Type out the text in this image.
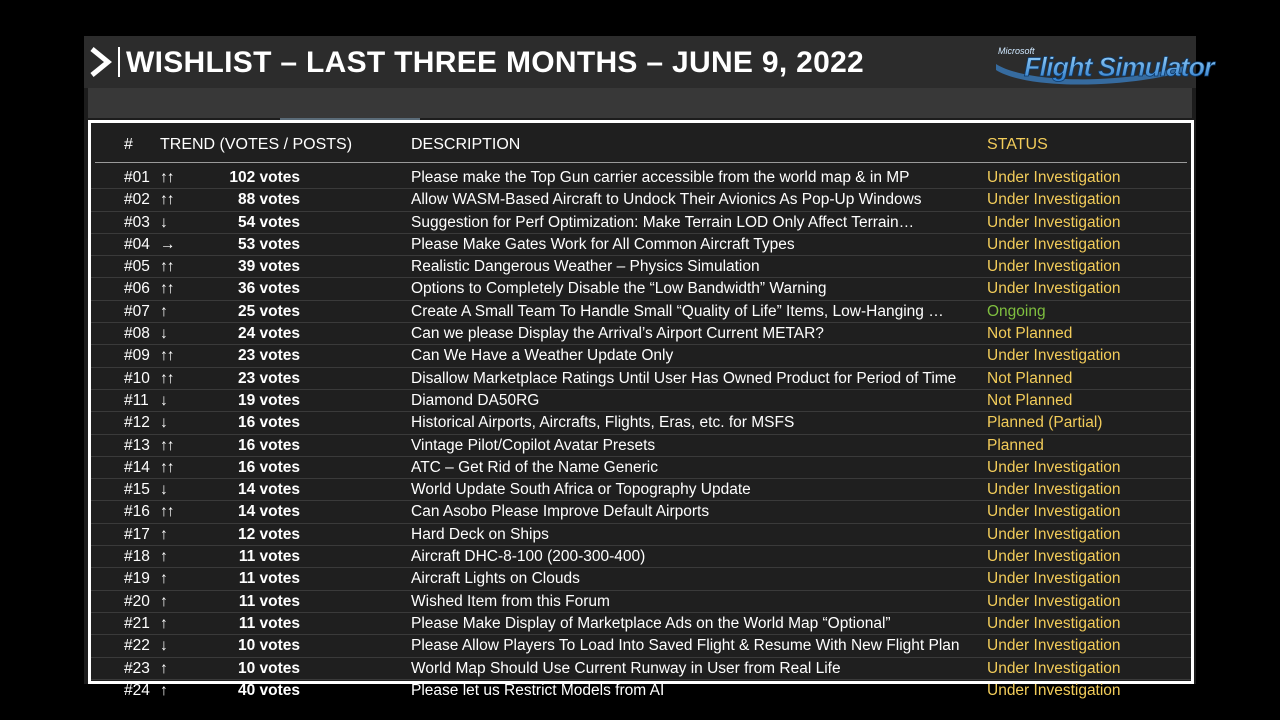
WISHLIST – LAST THREE MONTHS – JUNE 9, 2022	Microsoft
Flight Simulator
# TREND (VOTES / POSTS)	DESCRIPTION	STATUS
#01 ↑↑	102 votes	Please make the Top Gun carrier accessible from the world map & in MP	Under Investigation
#02 ↑↑	88 votes	Allow WASM-Based Aircraft to Undock Their Avionics As Pop-Up Windows	Under Investigation
#03 ↓	54 votes	Suggestion for Perf Optimization: Make Terrain LOD Only Affect Terrain…	Under Investigation
#04 →	53 votes	Please Make Gates Work for All Common Aircraft Types	Under Investigation
#05 ↑↑	39 votes	Realistic Dangerous Weather – Physics Simulation	Under Investigation
#06 ↑↑	36 votes	Options to Completely Disable the “Low Bandwidth” Warning	Under Investigation
#07 ↑	25 votes	Create A Small Team To Handle Small “Quality of Life” Items, Low-Hanging …	Ongoing
#08 ↓	24 votes	Can we please Display the Arrival’s Airport Current METAR?	Not Planned
#09 ↑↑	23 votes	Can We Have a Weather Update Only	Under Investigation
#10 ↑↑	23 votes	Disallow Marketplace Ratings Until User Has Owned Product for Period of Time	Not Planned
#11 ↓	19 votes	Diamond DA50RG	Not Planned
#12 ↓	16 votes	Historical Airports, Aircrafts, Flights, Eras, etc. for MSFS	Planned (Partial)
#13 ↑↑	16 votes	Vintage Pilot/Copilot Avatar Presets	Planned
#14 ↑↑	16 votes	ATC – Get Rid of the Name Generic	Under Investigation
#15 ↓	14 votes	World Update South Africa or Topography Update	Under Investigation
#16 ↑↑	14 votes	Can Asobo Please Improve Default Airports	Under Investigation
#17 ↑	12 votes	Hard Deck on Ships	Under Investigation
#18 ↑	11 votes	Aircraft DHC-8-100 (200-300-400)	Under Investigation
#19 ↑	11 votes	Aircraft Lights on Clouds	Under Investigation
#20 ↑	11 votes	Wished Item from this Forum	Under Investigation
#21 ↑	11 votes	Please Make Display of Marketplace Ads on the World Map “Optional”	Under Investigation
#22 ↓	10 votes	Please Allow Players To Load Into Saved Flight & Resume With New Flight Plan	Under Investigation
#23 ↑	10 votes	World Map Should Use Current Runway in User from Real Life	Under Investigation
#24 ↑	40 votes	Please let us Restrict Models from AI	Under Investigation
